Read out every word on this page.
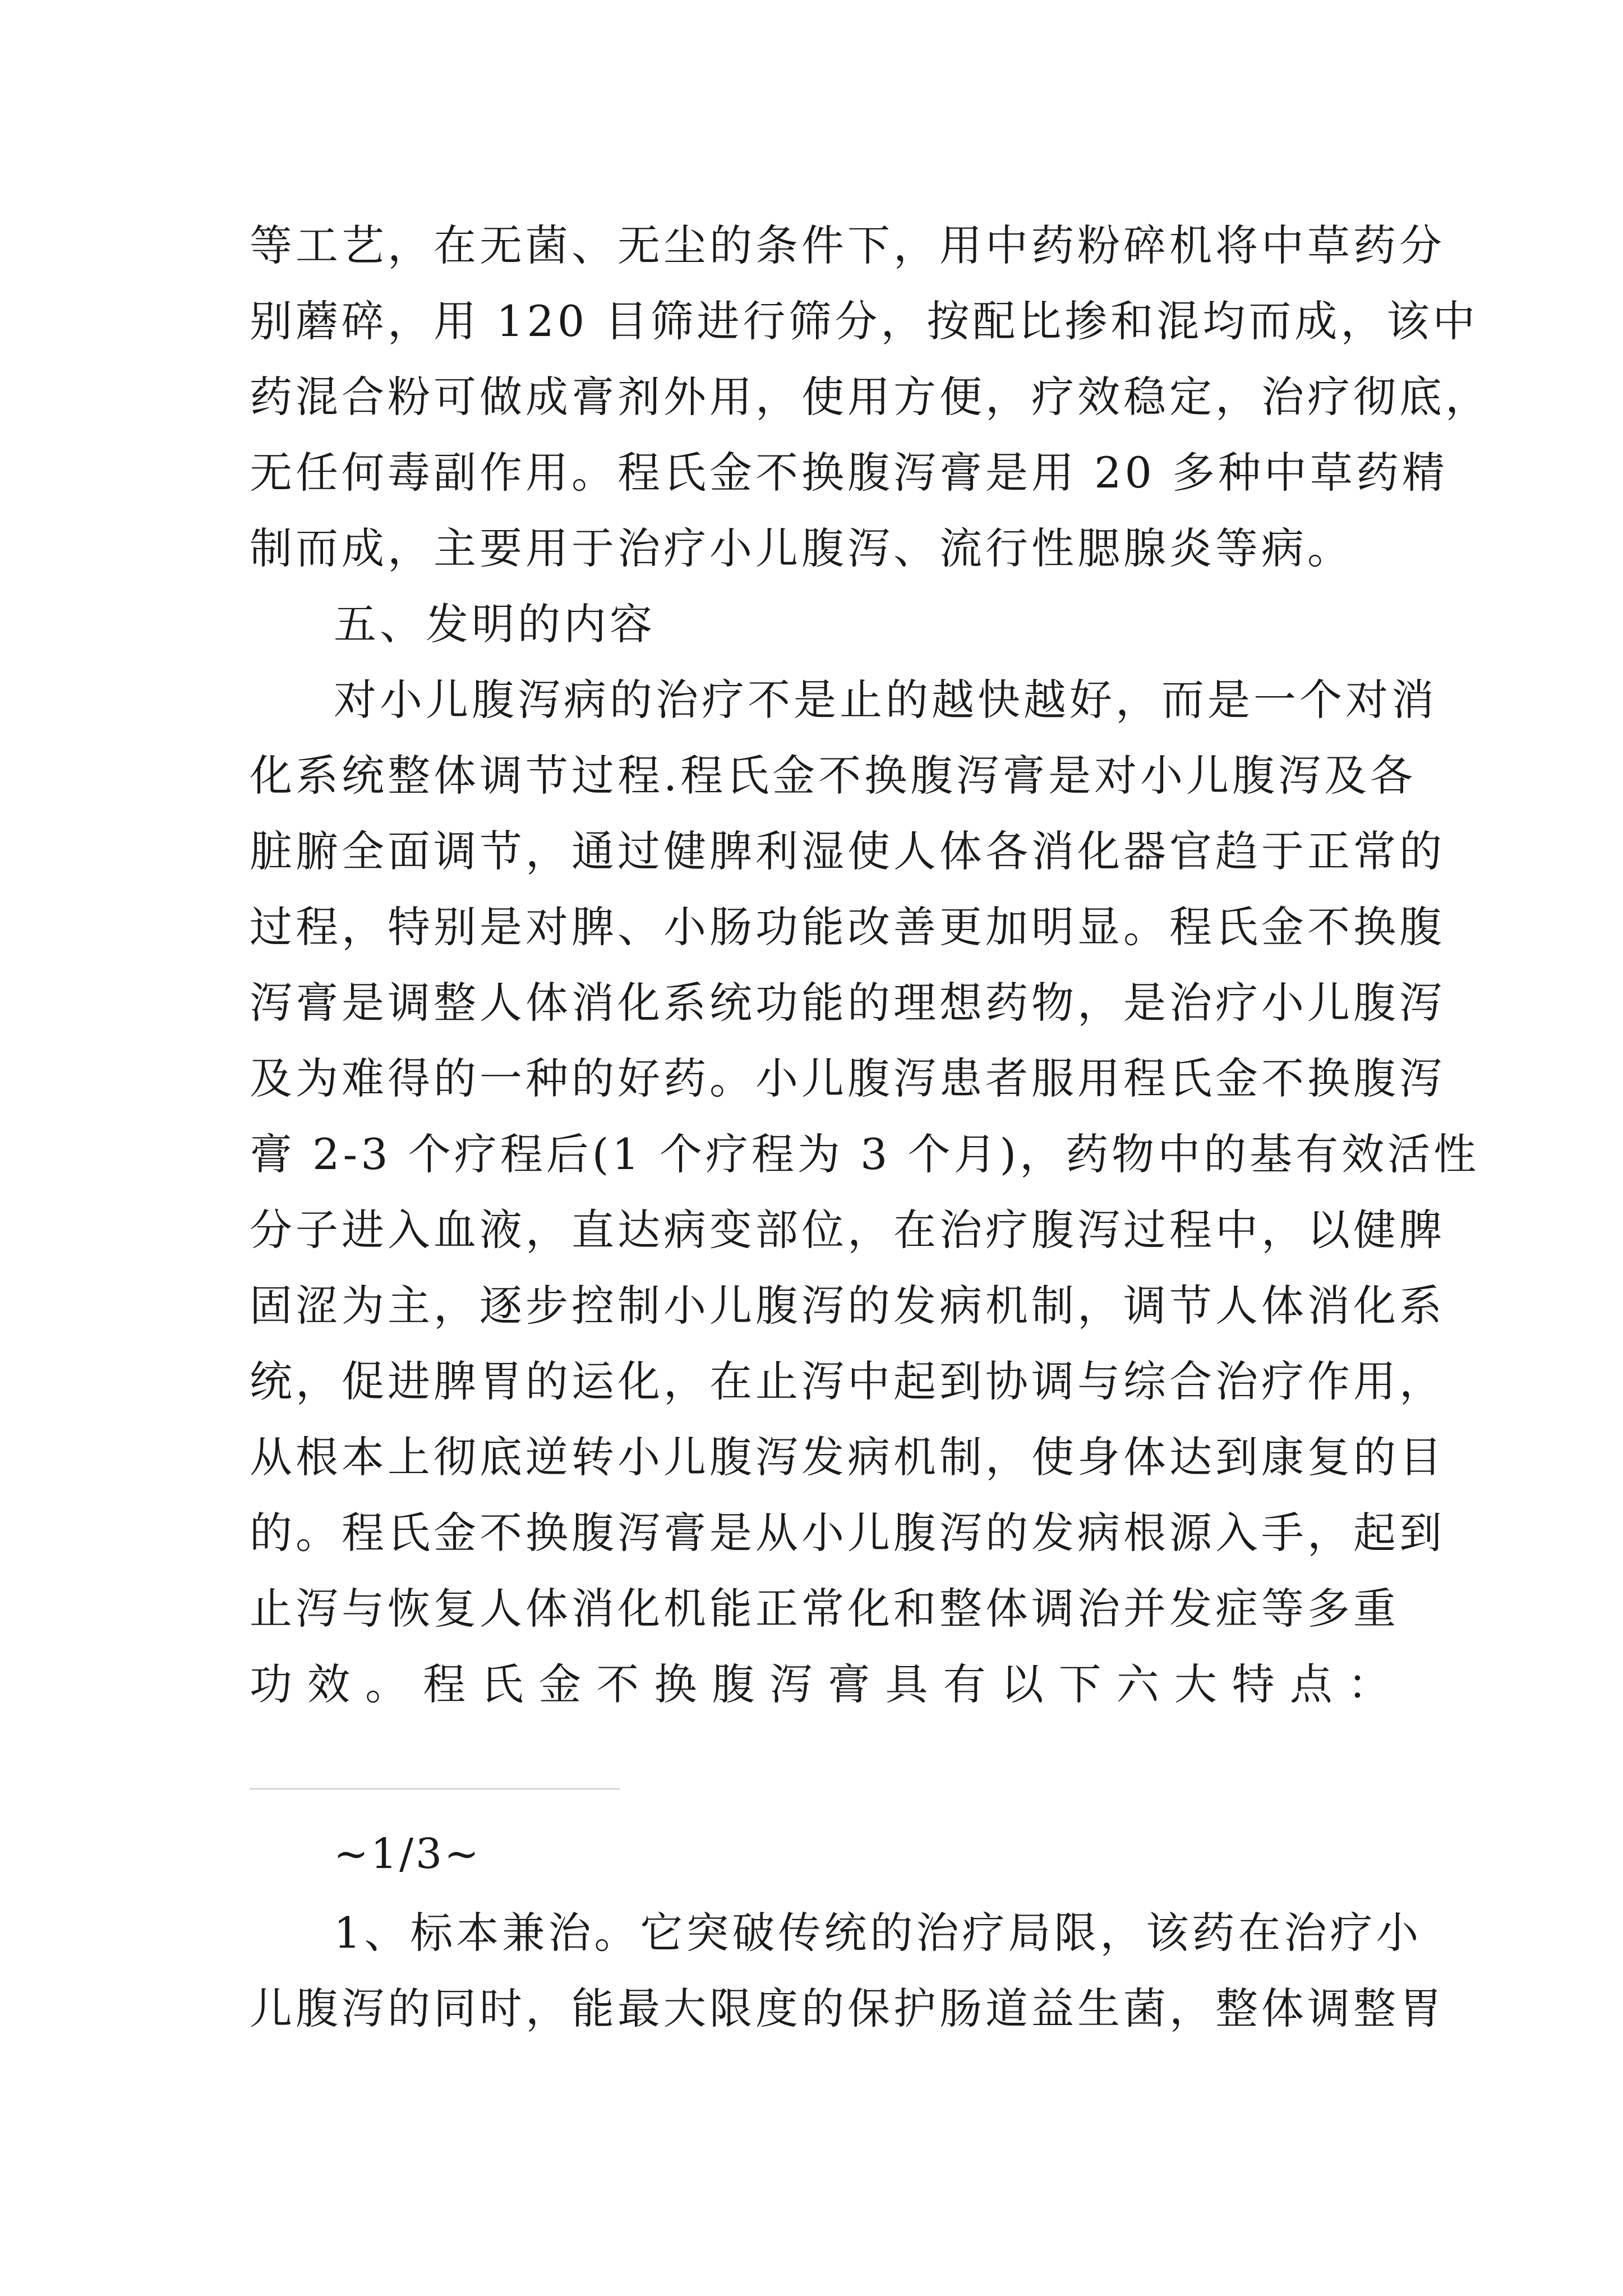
等工艺，在无菌、无尘的条件下，用中药粉碎机将中草药分
别蘑碎，用 120 目筛进行筛分，按配比掺和混均而成，该中
药混合粉可做成膏剂外用，使用方便，疗效稳定，治疗彻底，
无任何毒副作用。程氏金不换腹泻膏是用 20 多种中草药精
制而成，主要用于治疗小儿腹泻、流行性腮腺炎等病。
五、发明的内容
对小儿腹泻病的治疗不是止的越快越好，而是一个对消
化系统整体调节过程.程氏金不换腹泻膏是对小儿腹泻及各
脏腑全面调节，通过健脾利湿使人体各消化器官趋于正常的
过程，特别是对脾、小肠功能改善更加明显。程氏金不换腹
泻膏是调整人体消化系统功能的理想药物，是治疗小儿腹泻
及为难得的一种的好药。小儿腹泻患者服用程氏金不换腹泻
膏 2-3 个疗程后(1 个疗程为 3 个月)，药物中的基有效活性
分子进入血液，直达病变部位，在治疗腹泻过程中，以健脾
固涩为主，逐步控制小儿腹泻的发病机制，调节人体消化系
统，促进脾胃的运化，在止泻中起到协调与综合治疗作用，
从根本上彻底逆转小儿腹泻发病机制，使身体达到康复的目
的。程氏金不换腹泻膏是从小儿腹泻的发病根源入手，起到
止泻与恢复人体消化机能正常化和整体调治并发症等多重
功 效 。 程 氏 金 不 换 腹 泻 膏 具 有 以 下 六 大 特 点 ：
~1/3~
1、标本兼治。它突破传统的治疗局限，该药在治疗小
儿腹泻的同时，能最大限度的保护肠道益生菌，整体调整胃
